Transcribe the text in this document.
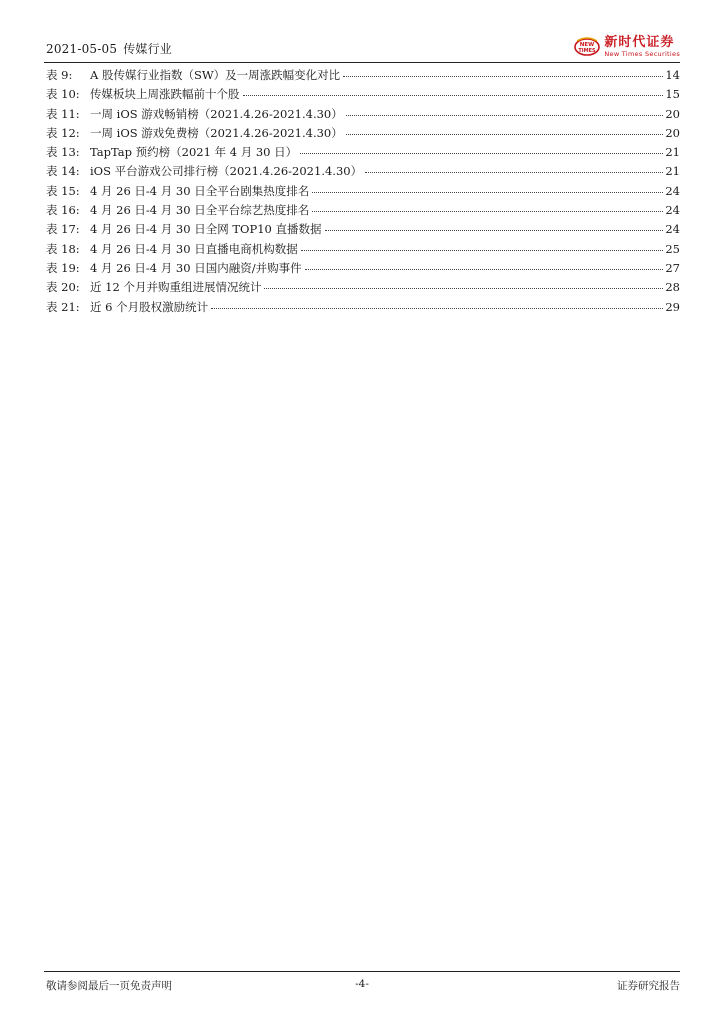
2021-05-05 传媒行业	NEW
TIMES
新时代证券
New Times Securities
表 9:	A 股传媒行业指数（SW）及一周涨跌幅变化对比	14
表 10: 传媒板块上周涨跌幅前十个股	15
表 11: 一周 iOS 游戏畅销榜（2021.4.26-2021.4.30）	20
表 12: 一周 iOS 游戏免费榜（2021.4.26-2021.4.30）	20
表 13: TapTap 预约榜（2021 年 4 月 30 日）	21
表 14: iOS 平台游戏公司排行榜（2021.4.26-2021.4.30）	21
表 15: 4 月 26 日-4 月 30 日全平台剧集热度排名	24
表 16: 4 月 26 日-4 月 30 日全平台综艺热度排名	24
表 17: 4 月 26 日-4 月 30 日全网 TOP10 直播数据	24
表 18: 4 月 26 日-4 月 30 日直播电商机构数据	25
表 19: 4 月 26 日-4 月 30 日国内融资/并购事件	27
表 20: 近 12 个月并购重组进展情况统计	28
表 21: 近 6 个月股权激励统计	29
敬请参阅最后一页免责声明	-4-	证券研究报告
